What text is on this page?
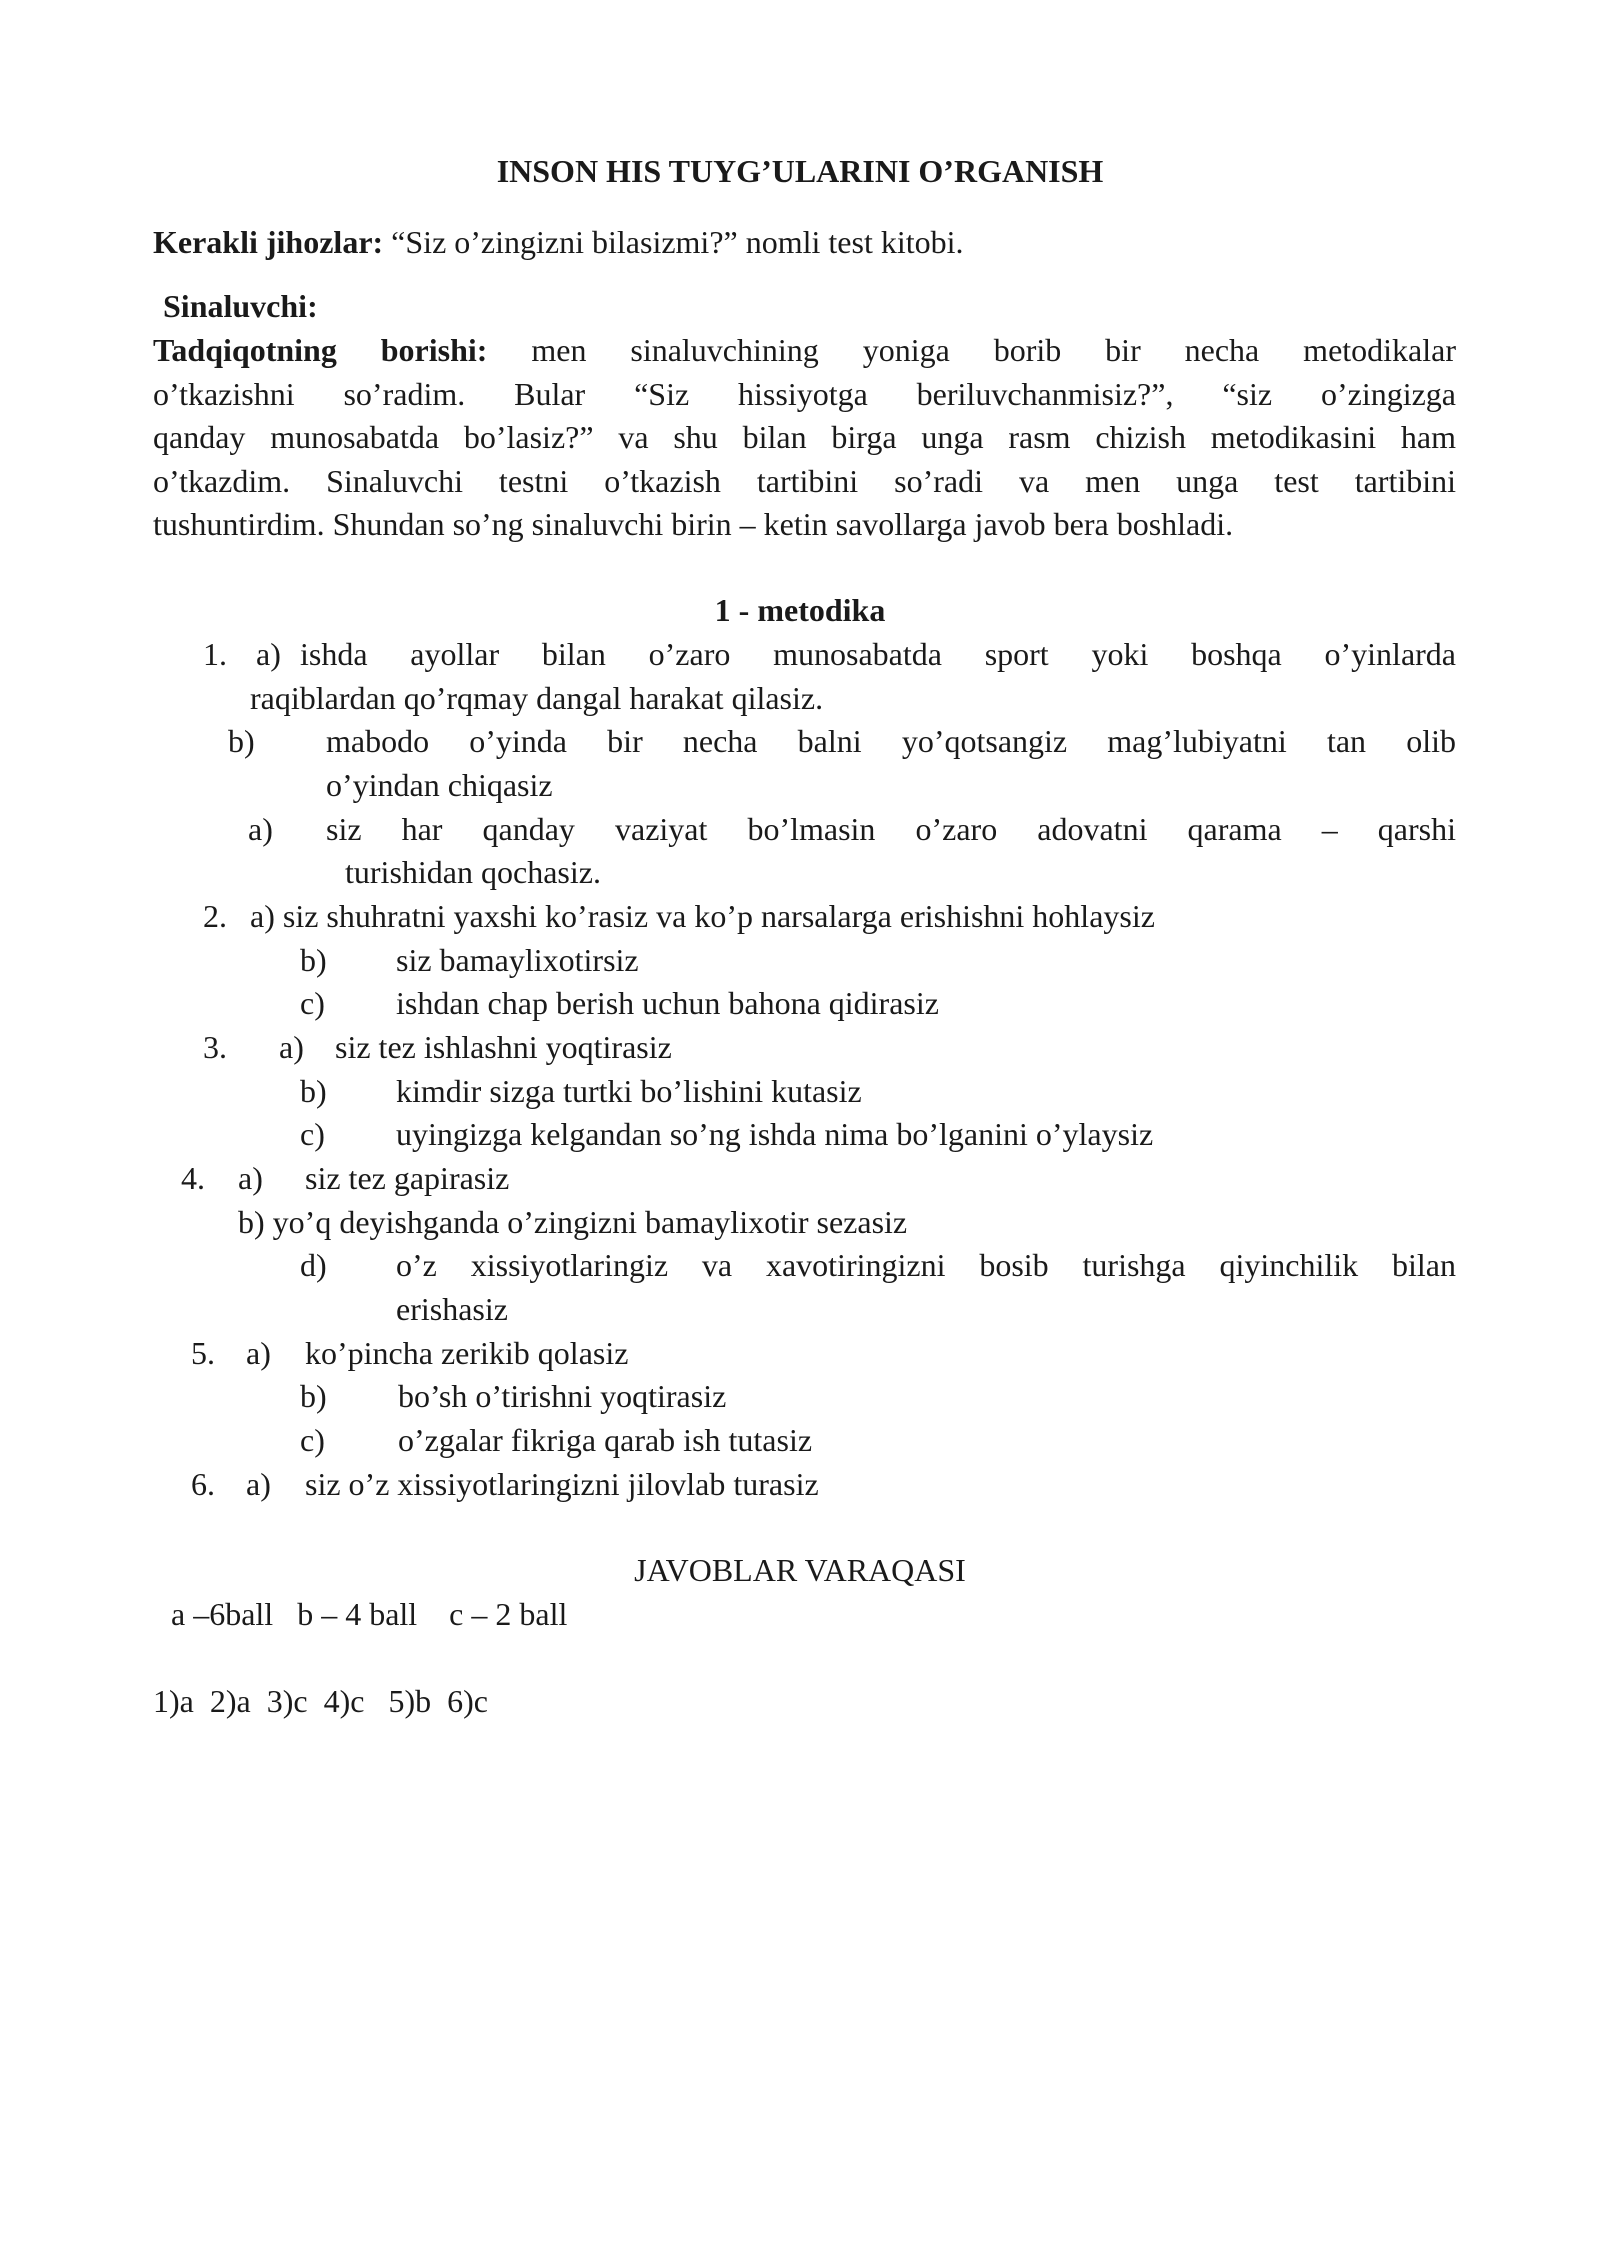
INSON HIS TUYG’ULARINI O’RGANISH
Kerakli jihozlar: “Siz o’zingizni bilasizmi?” nomli test kitobi.
Sinaluvchi:
Tadqiqotning borishi: men sinaluvchining yoniga borib bir necha metodikalar
o’tkazishni so’radim. Bular “Siz hissiyotga beriluvchanmisiz?”, “siz o’zingizga
qanday munosabatda bo’lasiz?” va shu bilan birga unga rasm chizish metodikasini ham
o’tkazdim. Sinaluvchi testni o’tkazish tartibini so’radi va men unga test tartibini
tushuntirdim. Shundan so’ng sinaluvchi birin – ketin savollarga javob bera boshladi.
1 - metodika
1. a) ishda ayollar bilan o’zaro munosabatda sport yoki boshqa o’yinlarda
raqiblardan qo’rqmay dangal harakat qilasiz.
b) mabodo o’yinda bir necha balni yo’qotsangiz mag’lubiyatni tan olib
o’yindan chiqasiz
a) siz har qanday vaziyat bo’lmasin o’zaro adovatni qarama – qarshi
turishidan qochasiz.
2. a) siz shuhratni yaxshi ko’rasiz va ko’p narsalarga erishishni hohlaysiz
b) siz bamaylixotirsiz
c) ishdan chap berish uchun bahona qidirasiz
3. a) siz tez ishlashni yoqtirasiz
b) kimdir sizga turtki bo’lishini kutasiz
c) uyingizga kelgandan so’ng ishda nima bo’lganini o’ylaysiz
4. a) siz tez gapirasiz
b) yo’q deyishganda o’zingizni bamaylixotir sezasiz
d) o’z xissiyotlaringiz va xavotiringizni bosib turishga qiyinchilik bilan
erishasiz
5. a) ko’pincha zerikib qolasiz
b) bo’sh o’tirishni yoqtirasiz
c) o’zgalar fikriga qarab ish tutasiz
6. a) siz o’z xissiyotlaringizni jilovlab turasiz
JAVOBLAR VARAQASI
a –6ball   b – 4 ball    c – 2 ball
1)a  2)a  3)c  4)c   5)b  6)c
